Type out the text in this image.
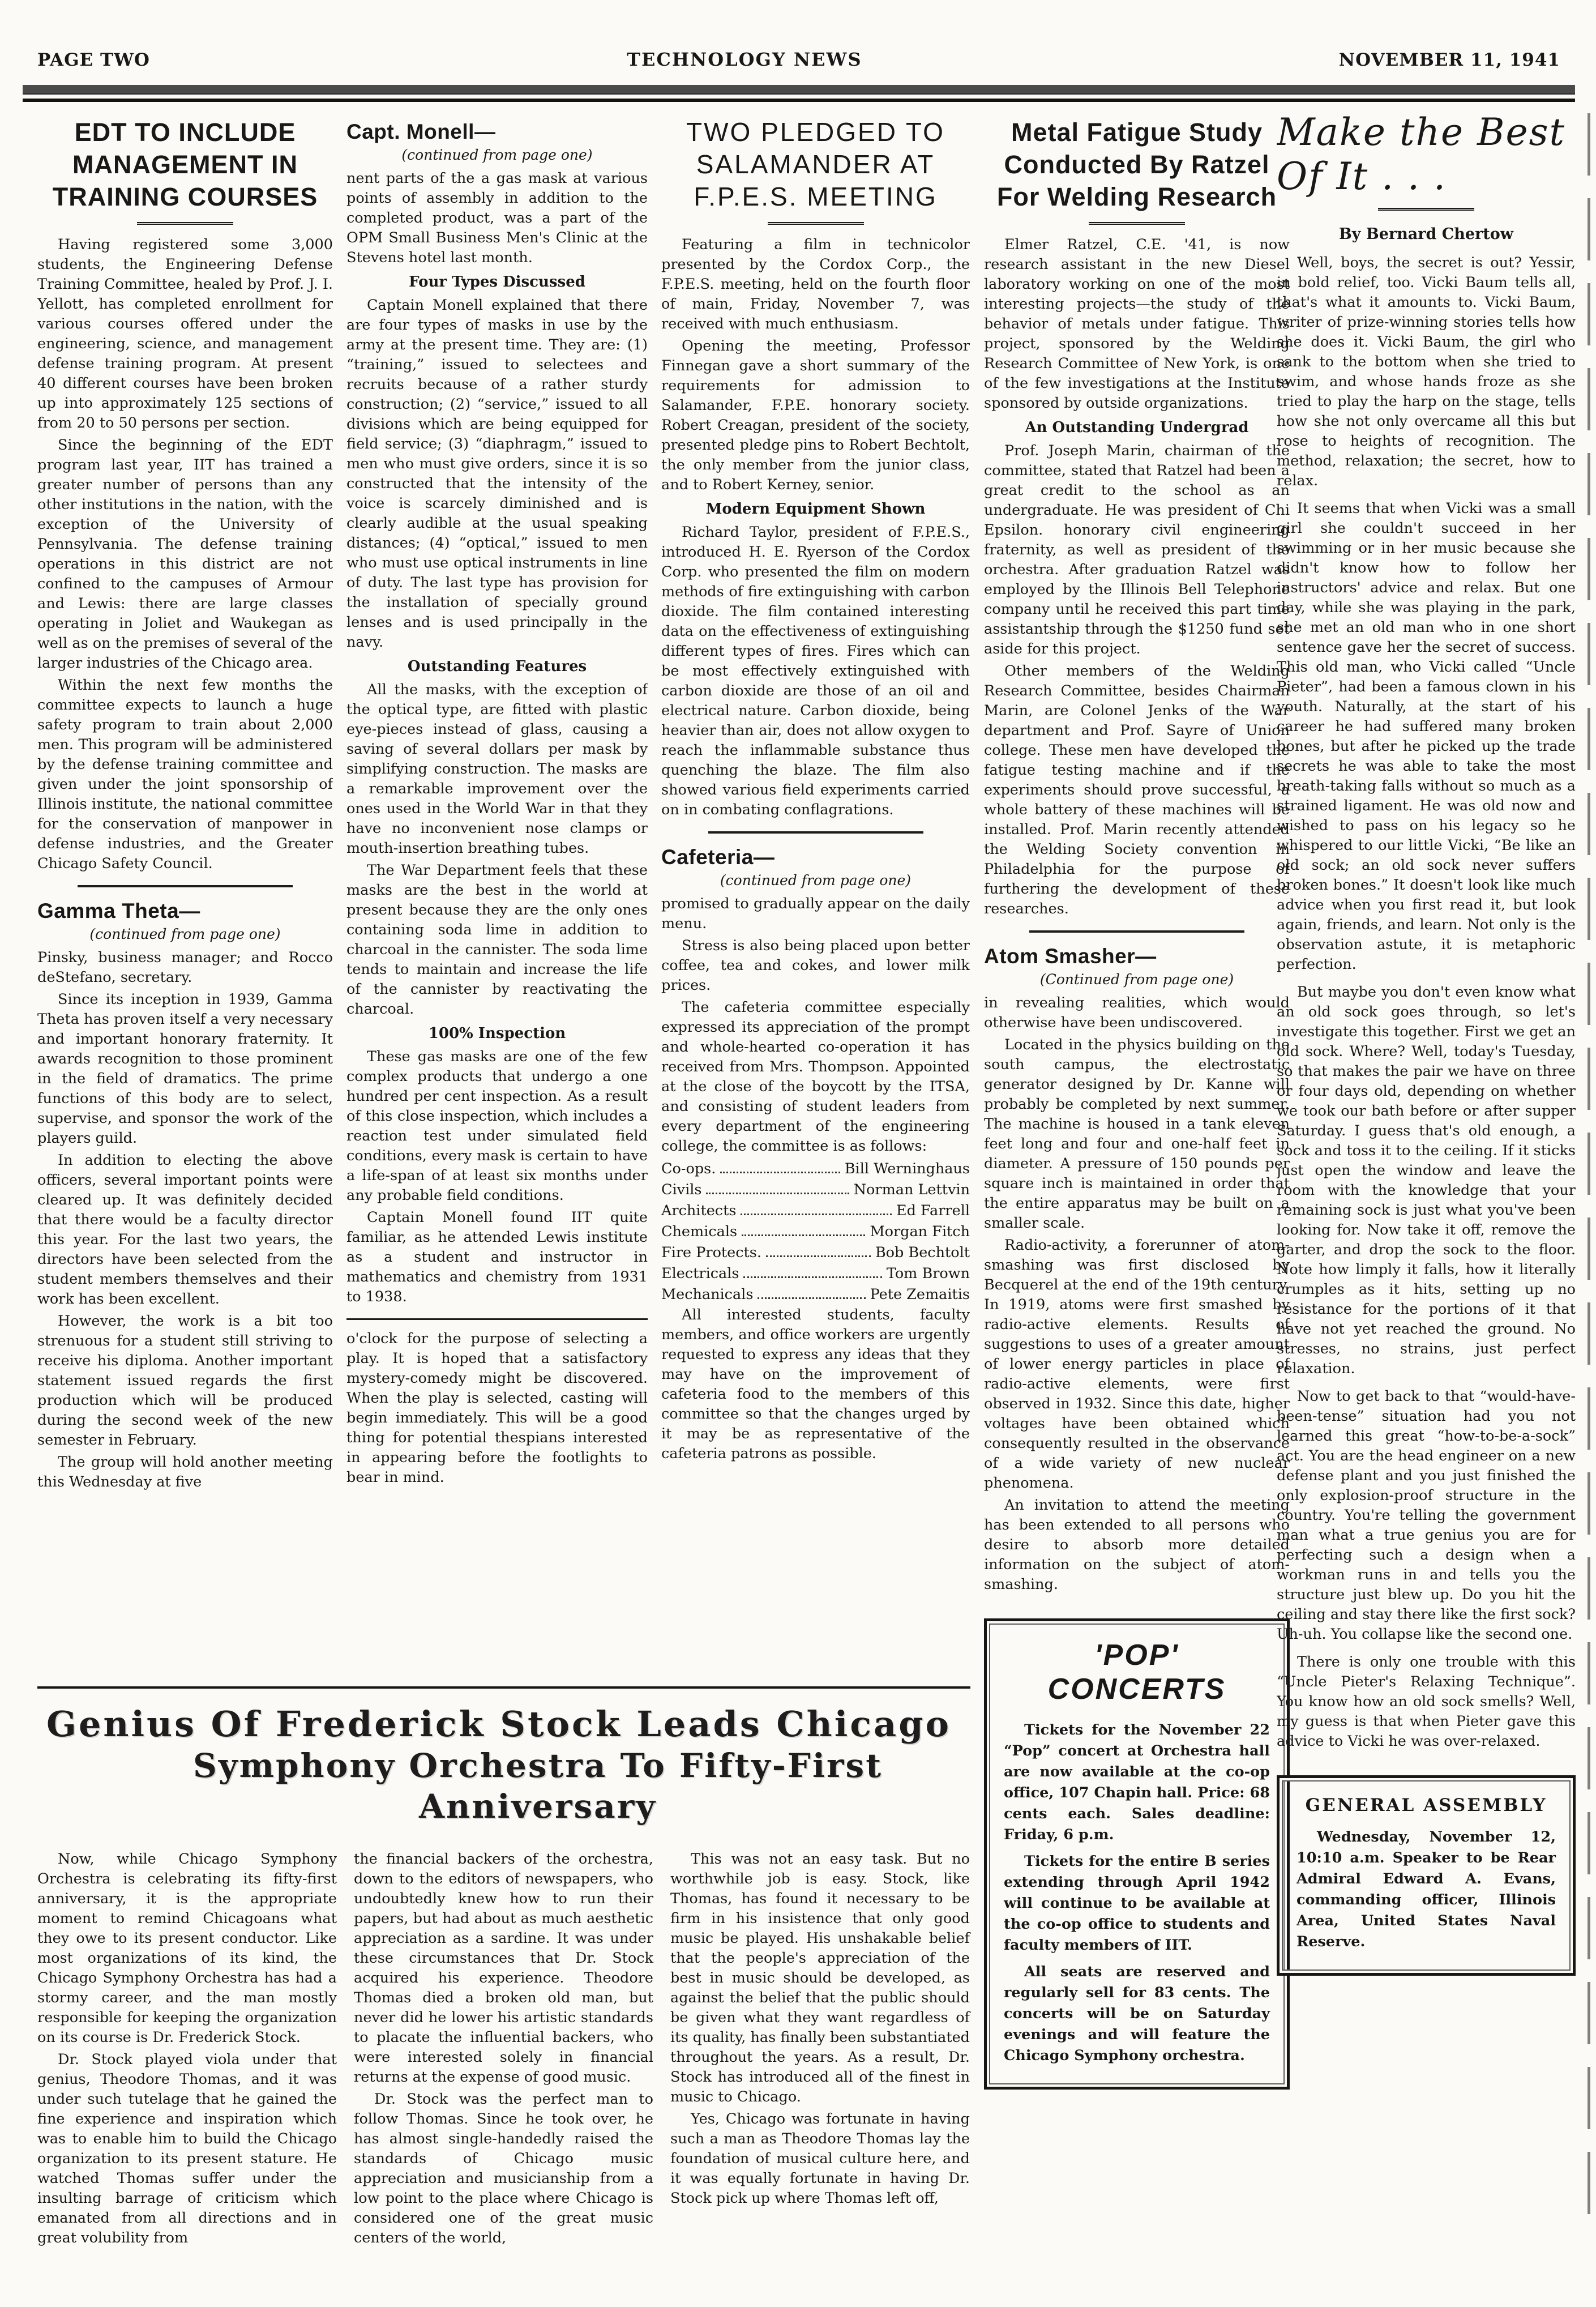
PAGE TWO	TECHNOLOGY NEWS	NOVEMBER 11, 1941
EDT TO INCLUDE MANAGEMENT IN TRAINING COURSES

Having registered some 3,000 students, the Engineering Defense Training Committee, healed by Prof. J. I. Yellott, has completed enrollment for various courses offered under the engineering, science, and management defense training program. At present 40 different courses have been broken up into approximately 125 sections of from 20 to 50 persons per section.

Since the beginning of the EDT program last year, IIT has trained a greater number of persons than any other institutions in the nation, with the exception of the University of Pennsylvania. The defense training operations in this district are not confined to the campuses of Armour and Lewis: there are large classes operating in Joliet and Waukegan as well as on the premises of several of the larger industries of the Chicago area.

Within the next few months the committee expects to launch a huge safety program to train about 2,000 men. This program will be administered by the defense training committee and given under the joint sponsorship of Illinois institute, the national committee for the conservation of manpower in defense industries, and the Greater Chicago Safety Council.

Gamma Theta—
(continued from page one)

Pinsky, business manager; and Rocco deStefano, secretary.

Since its inception in 1939, Gamma Theta has proven itself a very necessary and important honorary fraternity. It awards recognition to those prominent in the field of dramatics. The prime functions of this body are to select, supervise, and sponsor the work of the players guild.

In addition to electing the above officers, several important points were cleared up. It was definitely decided that there would be a faculty director this year. For the last two years, the directors have been selected from the student members themselves and their work has been excellent.

However, the work is a bit too strenuous for a student still striving to receive his diploma. Another important statement issued regards the first production which will be produced during the second week of the new semester in February.

The group will hold another meeting this Wednesday at five

Capt. Monell—
(continued from page one)

nent parts of the a gas mask at various points of assembly in addition to the completed product, was a part of the OPM Small Business Men's Clinic at the Stevens hotel last month.

Four Types Discussed

Captain Monell explained that there are four types of masks in use by the army at the present time. They are: (1) “training,” issued to selectees and recruits because of a rather sturdy construction; (2) “service,” issued to all divisions which are being equipped for field service; (3) “diaphragm,” issued to men who must give orders, since it is so constructed that the intensity of the voice is scarcely diminished and is clearly audible at the usual speaking distances; (4) “optical,” issued to men who must use optical instruments in line of duty. The last type has provision for the installation of specially ground lenses and is used principally in the navy.

Outstanding Features

All the masks, with the exception of the optical type, are fitted with plastic eye-pieces instead of glass, causing a saving of several dollars per mask by simplifying construction. The masks are a remarkable improvement over the ones used in the World War in that they have no inconvenient nose clamps or mouth-insertion breathing tubes.

The War Department feels that these masks are the best in the world at present because they are the only ones containing soda lime in addition to charcoal in the cannister. The soda lime tends to maintain and increase the life of the cannister by reactivating the charcoal.

100% Inspection

These gas masks are one of the few complex products that undergo a one hundred per cent inspection. As a result of this close inspection, which includes a reaction test under simulated field conditions, every mask is certain to have a life-span of at least six months under any probable field conditions.

Captain Monell found IIT quite familiar, as he attended Lewis institute as a student and instructor in mathematics and chemistry from 1931 to 1938.

o'clock for the purpose of selecting a play. It is hoped that a satisfactory mystery-comedy might be discovered. When the play is selected, casting will begin immediately. This will be a good thing for potential thespians interested in appearing before the footlights to bear in mind.

TWO PLEDGED TO SALAMANDER AT F.P.E.S. MEETING

Featuring a film in technicolor presented by the Cordox Corp., the F.P.E.S. meeting, held on the fourth floor of main, Friday, November 7, was received with much enthusiasm.

Opening the meeting, Professor Finnegan gave a short summary of the requirements for admission to Salamander, F.P.E. honorary society. Robert Creagan, president of the society, presented pledge pins to Robert Bechtolt, the only member from the junior class, and to Robert Kerney, senior.

Modern Equipment Shown

Richard Taylor, president of F.P.E.S., introduced H. E. Ryerson of the Cordox Corp. who presented the film on modern methods of fire extinguishing with carbon dioxide. The film contained interesting data on the effectiveness of extinguishing different types of fires. Fires which can be most effectively extinguished with carbon dioxide are those of an oil and electrical nature. Carbon dioxide, being heavier than air, does not allow oxygen to reach the inflammable substance thus quenching the blaze. The film also showed various field experiments carried on in combating conflagrations.

Cafeteria—
(continued from page one)

promised to gradually appear on the daily menu.

Stress is also being placed upon better coffee, tea and cokes, and lower milk prices.

The cafeteria committee especially expressed its appreciation of the prompt and whole-hearted co-operation it has received from Mrs. Thompson. Appointed at the close of the boycott by the ITSA, and consisting of student leaders from every department of the engineering college, the committee is as follows:

Co-ops.	Bill Werninghaus
Civils	Norman Lettvin
Architects	Ed Farrell
Chemicals	Morgan Fitch
Fire Protects.	Bob Bechtolt
Electricals	Tom Brown
Mechanicals	Pete Zemaitis

All interested students, faculty members, and office workers are urgently requested to express any ideas that they may have on the improvement of cafeteria food to the members of this committee so that the changes urged by it may be as representative of the cafeteria patrons as possible.

Metal Fatigue Study Conducted By Ratzel For Welding Research

Elmer Ratzel, C.E. '41, is now research assistant in the new Diesel laboratory working on one of the most interesting projects—the study of the behavior of metals under fatigue. This project, sponsored by the Welding Research Committee of New York, is one of the few investigations at the Institute sponsored by outside organizations.

An Outstanding Undergrad

Prof. Joseph Marin, chairman of the committee, stated that Ratzel had been a great credit to the school as an undergraduate. He was president of Chi Epsilon. honorary civil engineering fraternity, as well as president of the orchestra. After graduation Ratzel was employed by the Illinois Bell Telephone company until he received this part time assistantship through the $1250 fund set aside for this project.

Other members of the Welding Research Committee, besides Chairman Marin, are Colonel Jenks of the War department and Prof. Sayre of Union college. These men have developed the fatigue testing machine and if the experiments should prove successful, a whole battery of these machines will be installed. Prof. Marin recently attended the Welding Society convention in Philadelphia for the purpose of furthering the development of these researches.

Atom Smasher—
(Continued from page one)

in revealing realities, which would otherwise have been undiscovered.

Located in the physics building on the south campus, the electrostatic generator designed by Dr. Kanne will probably be completed by next summer. The machine is housed in a tank eleven feet long and four and one-half feet in diameter. A pressure of 150 pounds per square inch is maintained in order that the entire apparatus may be built on a smaller scale.

Radio-activity, a forerunner of atom-smashing was first disclosed by Becquerel at the end of the 19th century. In 1919, atoms were first smashed by radio-active elements. Results of suggestions to uses of a greater amount of lower energy particles in place of radio-active elements, were first observed in 1932. Since this date, higher voltages have been obtained which consequently resulted in the observance of a wide variety of new nuclear phenomena.

An invitation to attend the meeting has been extended to all persons who desire to absorb more detailed information on the subject of atom-smashing.

'POP' CONCERTS

Tickets for the November 22 “Pop” concert at Orchestra hall are now available at the co-op office, 107 Chapin hall. Price: 68 cents each. Sales deadline: Friday, 6 p.m.

Tickets for the entire B series extending through April 1942 will continue to be available at the co-op office to students and faculty members of IIT.

All seats are reserved and regularly sell for 83 cents. The concerts will be on Saturday evenings and will feature the Chicago Symphony orchestra.

Make the Best Of It . . .
By Bernard Chertow

Well, boys, the secret is out? Yessir, in bold relief, too. Vicki Baum tells all, that's what it amounts to. Vicki Baum, writer of prize-winning stories tells how she does it. Vicki Baum, the girl who sank to the bottom when she tried to swim, and whose hands froze as she tried to play the harp on the stage, tells how she not only overcame all this but rose to heights of recognition. The method, relaxation; the secret, how to relax.

It seems that when Vicki was a small girl she couldn't succeed in her swimming or in her music because she didn't know how to follow her instructors' advice and relax. But one day, while she was playing in the park, she met an old man who in one short sentence gave her the secret of success. This old man, who Vicki called “Uncle Pieter”, had been a famous clown in his youth. Naturally, at the start of his career he had suffered many broken bones, but after he picked up the trade secrets he was able to take the most breath-taking falls without so much as a strained ligament. He was old now and wished to pass on his legacy so he whispered to our little Vicki, “Be like an old sock; an old sock never suffers broken bones.” It doesn't look like much advice when you first read it, but look again, friends, and learn. Not only is the observation astute, it is metaphoric perfection.

But maybe you don't even know what an old sock goes through, so let's investigate this together. First we get an old sock. Where? Well, today's Tuesday, so that makes the pair we have on three or four days old, depending on whether we took our bath before or after supper Saturday. I guess that's old enough, a sock and toss it to the ceiling. If it sticks just open the window and leave the room with the knowledge that your remaining sock is just what you've been looking for. Now take it off, remove the garter, and drop the sock to the floor. Note how limply it falls, how it literally crumples as it hits, setting up no resistance for the portions of it that have not yet reached the ground. No stresses, no strains, just perfect relaxation.

Now to get back to that “would-have-been-tense” situation had you not learned this great “how-to-be-a-sock” act. You are the head engineer on a new defense plant and you just finished the only explosion-proof structure in the country. You're telling the government man what a true genius you are for perfecting such a design when a workman runs in and tells you the structure just blew up. Do you hit the ceiling and stay there like the first sock? Uh-uh. You collapse like the second one.

There is only one trouble with this “Uncle Pieter's Relaxing Technique”. You know how an old sock smells? Well, my guess is that when Pieter gave this advice to Vicki he was over-relaxed.

GENERAL ASSEMBLY

Wednesday, November 12, 10:10 a.m. Speaker to be Rear Admiral Edward A. Evans, commanding officer, Illinois Area, United States Naval Reserve.

Genius Of Frederick Stock Leads Chicago
Symphony Orchestra To Fifty-First Anniversary

Now, while Chicago Symphony Orchestra is celebrating its fifty-first anniversary, it is the appropriate moment to remind Chicagoans what they owe to its present conductor. Like most organizations of its kind, the Chicago Symphony Orchestra has had a stormy career, and the man mostly responsible for keeping the organization on its course is Dr. Frederick Stock.

Dr. Stock played viola under that genius, Theodore Thomas, and it was under such tutelage that he gained the fine experience and inspiration which was to enable him to build the Chicago organization to its present stature. He watched Thomas suffer under the insulting barrage of criticism which emanated from all directions and in great volubility from

the financial backers of the orchestra, down to the editors of newspapers, who undoubtedly knew how to run their papers, but had about as much aesthetic appreciation as a sardine. It was under these circumstances that Dr. Stock acquired his experience. Theodore Thomas died a broken old man, but never did he lower his artistic standards to placate the influential backers, who were interested solely in financial returns at the expense of good music.

Dr. Stock was the perfect man to follow Thomas. Since he took over, he has almost single-handedly raised the standards of Chicago music appreciation and musicianship from a low point to the place where Chicago is considered one of the great music centers of the world,

This was not an easy task. But no worthwhile job is easy. Stock, like Thomas, has found it necessary to be firm in his insistence that only good music be played. His unshakable belief that the people's appreciation of the best in music should be developed, as against the belief that the public should be given what they want regardless of its quality, has finally been substantiated throughout the years. As a result, Dr. Stock has introduced all of the finest in music to Chicago.

Yes, Chicago was fortunate in having such a man as Theodore Thomas lay the foundation of musical culture here, and it was equally fortunate in having Dr. Stock pick up where Thomas left off,
